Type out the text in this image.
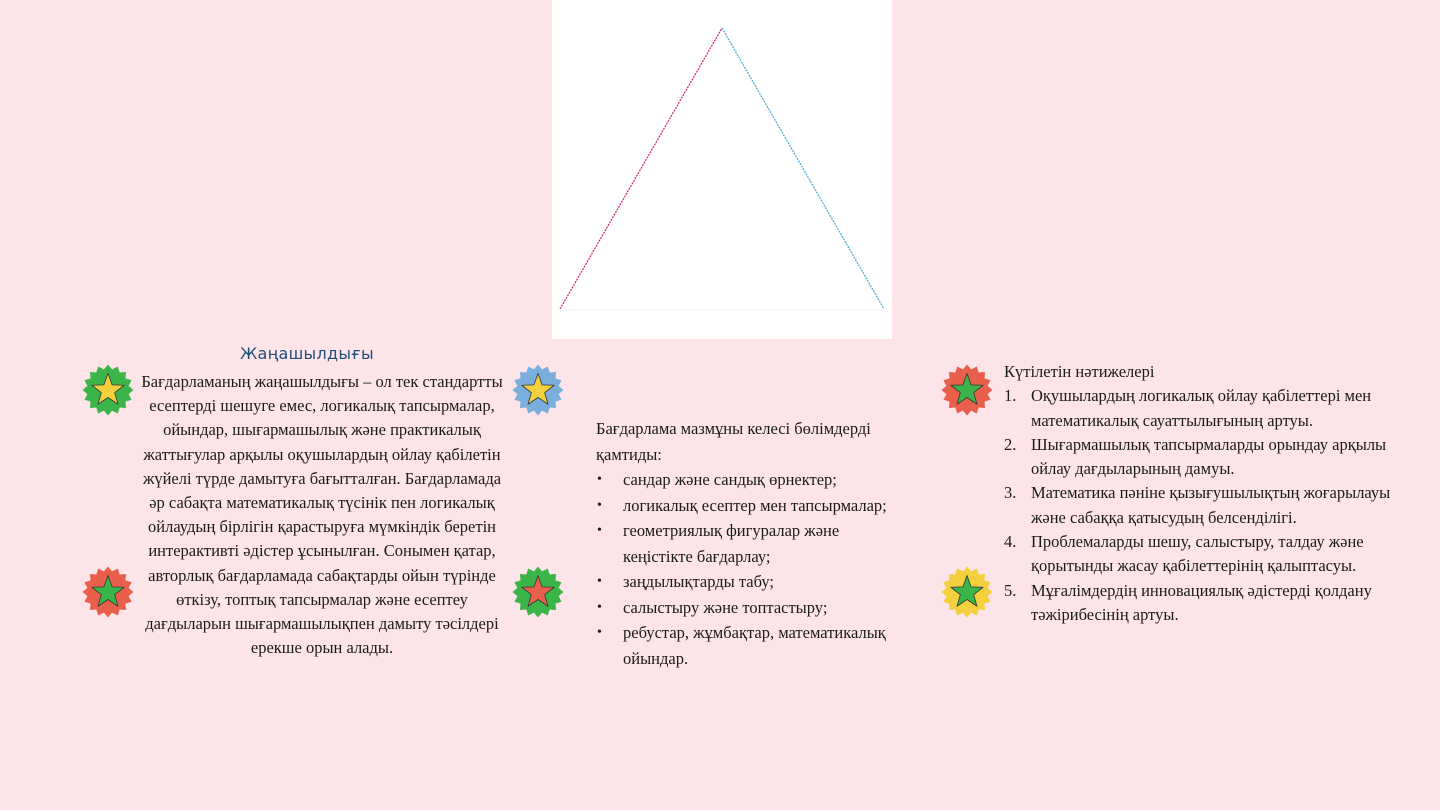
Жаңашылдығы
Бағдарламаның жаңашылдығы – ол тек стандартты есептерді шешуге емес, логикалық тапсырмалар, ойындар, шығармашылық және практикалық жаттығулар арқылы оқушылардың ойлау қабілетін жүйелі түрде дамытуға бағытталған. Бағдарламада әр сабақта математикалық түсінік пен логикалық ойлаудың бірлігін қарастыруға мүмкіндік беретін интерактивті әдістер ұсынылған. Сонымен қатар, авторлық бағдарламада сабақтарды ойын түрінде өткізу, топтық тапсырмалар және есептеу дағдыларын шығармашылықпен дамыту тәсілдері ерекше орын алады.
Бағдарлама мазмұны келесі бөлімдерді қамтиды:
• сандар және сандық өрнектер;
• логикалық есептер мен тапсырмалар;
• геометриялық фигуралар және кеңістікте бағдарлау;
• заңдылықтарды табу;
• салыстыру және топтастыру;
• ребустар, жұмбақтар, математикалық ойындар.
Күтілетін нәтижелері
1. Оқушылардың логикалық ойлау қабілеттері мен математикалық сауаттылығының артуы.
2. Шығармашылық тапсырмаларды орындау арқылы ойлау дағдыларының дамуы.
3. Математика пәніне қызығушылықтың жоғарылауы және сабаққа қатысудың белсенділігі.
4. Проблемаларды шешу, салыстыру, талдау және қорытынды жасау қабілеттерінің қалыптасуы.
5. Мұғалімдердің инновациялық әдістерді қолдану тәжірибесінің артуы.
